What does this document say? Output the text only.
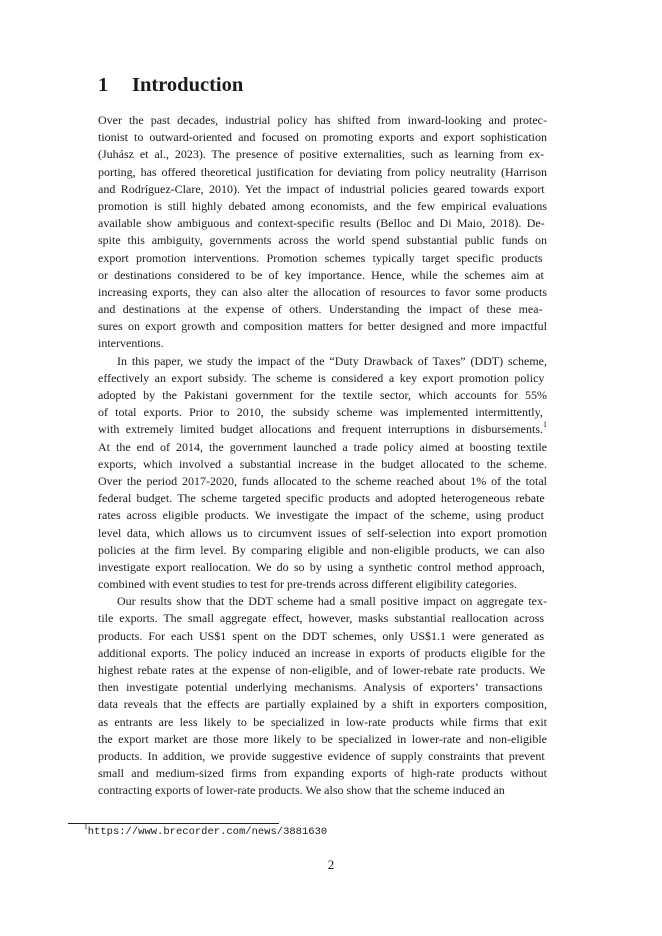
1 Introduction
Over the past decades, industrial policy has shifted from inward-looking and protec-
tionist to outward-oriented and focused on promoting exports and export sophistication
(Juhász et al., 2023). The presence of positive externalities, such as learning from ex-
porting, has offered theoretical justification for deviating from policy neutrality (Harrison
and Rodríguez-Clare, 2010). Yet the impact of industrial policies geared towards export
promotion is still highly debated among economists, and the few empirical evaluations
available show ambiguous and context-specific results (Belloc and Di Maio, 2018). De-
spite this ambiguity, governments across the world spend substantial public funds on
export promotion interventions. Promotion schemes typically target specific products
or destinations considered to be of key importance. Hence, while the schemes aim at
increasing exports, they can also alter the allocation of resources to favor some products
and destinations at the expense of others. Understanding the impact of these mea-
sures on export growth and composition matters for better designed and more impactful
interventions.
In this paper, we study the impact of the “Duty Drawback of Taxes” (DDT) scheme,
effectively an export subsidy. The scheme is considered a key export promotion policy
adopted by the Pakistani government for the textile sector, which accounts for 55%
of total exports. Prior to 2010, the subsidy scheme was implemented intermittently,
with extremely limited budget allocations and frequent interruptions in disbursements.$^1$
At the end of 2014, the government launched a trade policy aimed at boosting textile
exports, which involved a substantial increase in the budget allocated to the scheme.
Over the period 2017-2020, funds allocated to the scheme reached about 1% of the total
federal budget. The scheme targeted specific products and adopted heterogeneous rebate
rates across eligible products. We investigate the impact of the scheme, using product
level data, which allows us to circumvent issues of self-selection into export promotion
policies at the firm level. By comparing eligible and non-eligible products, we can also
investigate export reallocation. We do so by using a synthetic control method approach,
combined with event studies to test for pre-trends across different eligibility categories.
Our results show that the DDT scheme had a small positive impact on aggregate tex-
tile exports. The small aggregate effect, however, masks substantial reallocation across
products. For each US$1 spent on the DDT schemes, only US$1.1 were generated as
additional exports. The policy induced an increase in exports of products eligible for the
highest rebate rates at the expense of non-eligible, and of lower-rebate rate products. We
then investigate potential underlying mechanisms. Analysis of exporters’ transactions
data reveals that the effects are partially explained by a shift in exporters composition,
as entrants are less likely to be specialized in low-rate products while firms that exit
the export market are those more likely to be specialized in lower-rate and non-eligible
products. In addition, we provide suggestive evidence of supply constraints that prevent
small and medium-sized firms from expanding exports of high-rate products without
contracting exports of lower-rate products. We also show that the scheme induced an
$^1$https://www.brecorder.com/news/3881630
2
